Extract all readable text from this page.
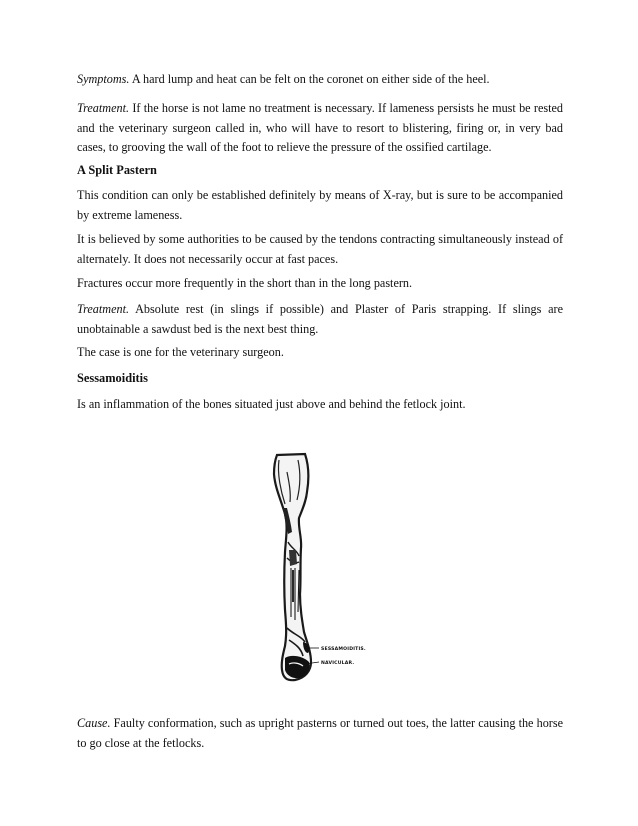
Symptoms. A hard lump and heat can be felt on the coronet on either side of the heel.

Treatment. If the horse is not lame no treatment is necessary. If lameness persists he must be rested and the veterinary surgeon called in, who will have to resort to blistering, firing or, in very bad cases, to grooving the wall of the foot to relieve the pressure of the ossified cartilage.

A Split Pastern

This condition can only be established definitely by means of X-ray, but is sure to be accompanied by extreme lameness.

It is believed by some authorities to be caused by the tendons contracting simultaneously instead of alternately. It does not necessarily occur at fast paces.

Fractures occur more frequently in the short than in the long pastern.

Treatment. Absolute rest (in slings if possible) and Plaster of Paris strapping. If slings are unobtainable a sawdust bed is the next best thing.

The case is one for the veterinary surgeon.

Sessamoiditis

Is an inflammation of the bones situated just above and behind the fetlock joint.

Cause. Faulty conformation, such as upright pasterns or turned out toes, the latter causing the horse to go close at the fetlocks.

SESSAMOIDITIS.
NAVICULAR.
